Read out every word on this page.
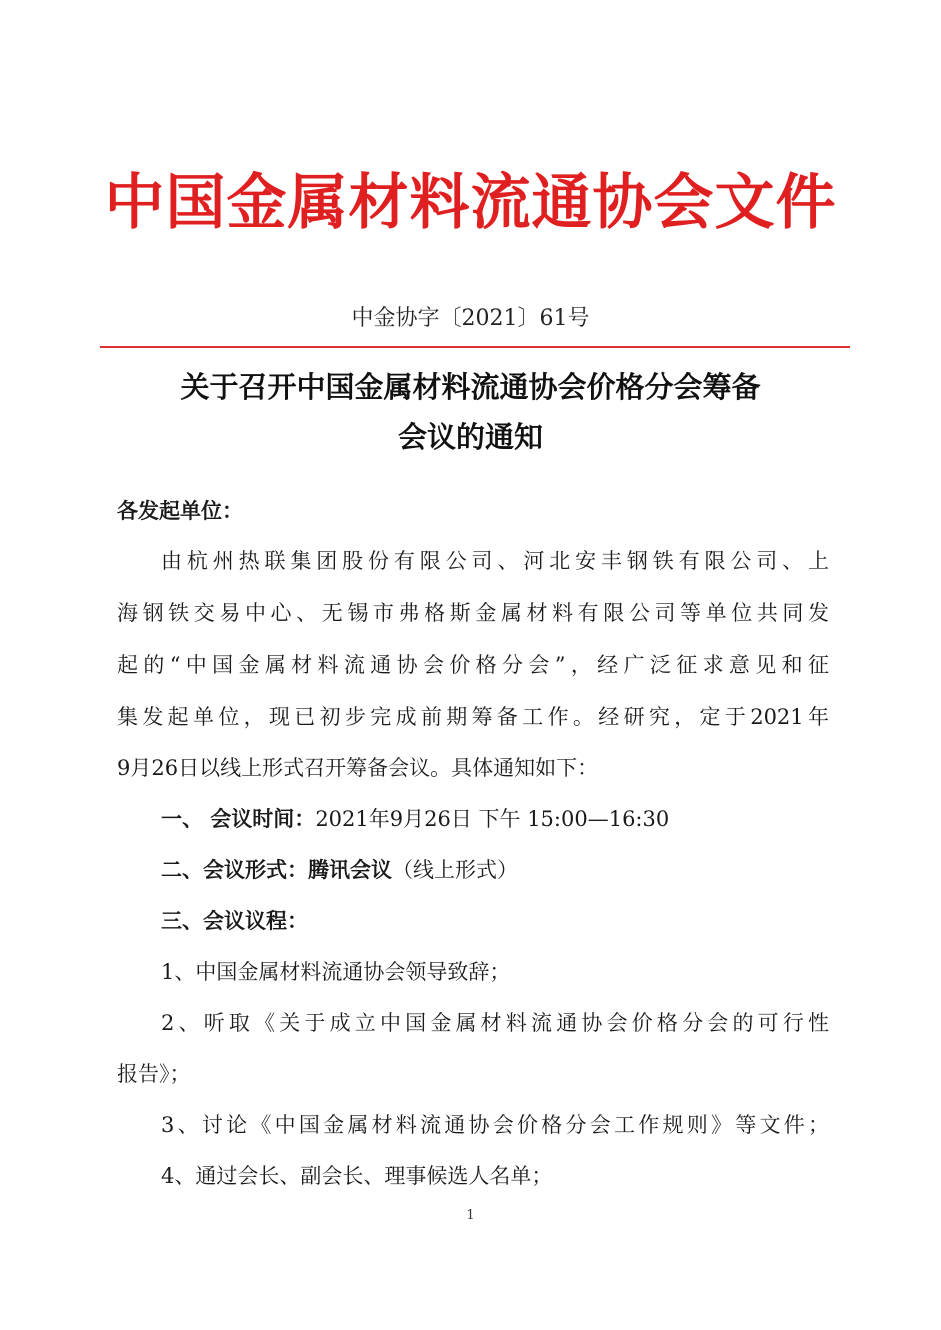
中国金属材料流通协会文件
中金协字〔2021〕61号
关于召开中国金属材料流通协会价格分会筹备
会议的通知
各发起单位：
由杭州热联集团股份有限公司、河北安丰钢铁有限公司、上
海钢铁交易中心、无锡市弗格斯金属材料有限公司等单位共同发
起的“中国金属材料流通协会价格分会”，经广泛征求意见和征
集发起单位，现已初步完成前期筹备工作。经研究，定于2021年
9月26日以线上形式召开筹备会议。具体通知如下：
一、 会议时间：2021年9月26日 下午 15:00—16:30
二、会议形式：腾讯会议（线上形式）
三、会议议程：
1、中国金属材料流通协会领导致辞；
2、听取《关于成立中国金属材料流通协会价格分会的可行性
报告》；
3、讨论《中国金属材料流通协会价格分会工作规则》等文件；
4、通过会长、副会长、理事候选人名单；
1
